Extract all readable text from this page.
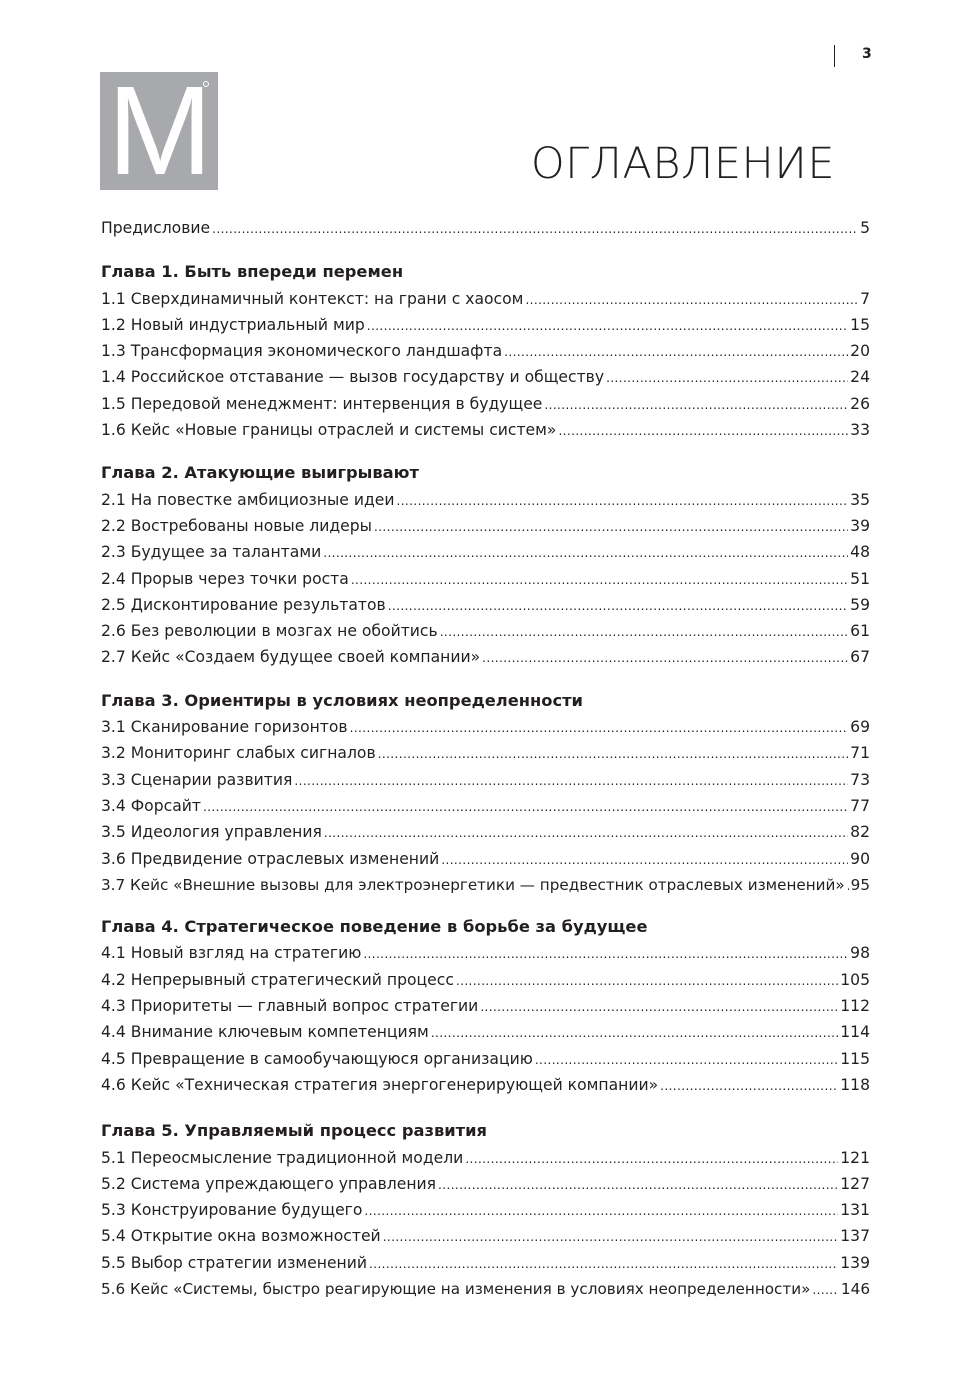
3
M	ОГЛАВЛЕНИЕ
Предисловие .....	5
Глава 1. Быть впереди перемен
1.1 Сверхдинамичный контекст: на грани с хаосом .....	7
1.2 Новый индустриальный мир .....	15
1.3 Трансформация экономического ландшафта .....	20
1.4 Российское отставание — вызов государству и обществу .....	24
1.5 Передовой менеджмент: интервенция в будущее .....	26
1.6 Кейс «Новые границы отраслей и системы систем» .....	33
Глава 2. Атакующие выигрывают
2.1 На повестке амбициозные идеи .....	35
2.2 Востребованы новые лидеры .....	39
2.3 Будущее за талантами .....	48
2.4 Прорыв через точки роста .....	51
2.5 Дисконтирование результатов .....	59
2.6 Без революции в мозгах не обойтись .....	61
2.7 Кейс «Создаем будущее своей компании» .....	67
Глава 3. Ориентиры в условиях неопределенности
3.1 Сканирование горизонтов .....	69
3.2 Мониторинг слабых сигналов .....	71
3.3 Сценарии развития .....	73
3.4 Форсайт .....	77
3.5 Идеология управления .....	82
3.6 Предвидение отраслевых изменений .....	90
3.7 Кейс «Внешние вызовы для электроэнергетики — предвестник отраслевых изменений» ..... 95
Глава 4. Стратегическое поведение в борьбе за будущее
4.1 Новый взгляд на стратегию .....	98
4.2 Непрерывный стратегический процесс .....	105
4.3 Приоритеты — главный вопрос стратегии .....	112
4.4 Внимание ключевым компетенциям .....	114
4.5 Превращение в самообучающуюся организацию .....	115
4.6 Кейс «Техническая стратегия энергогенерирующей компании» .....	118
Глава 5. Управляемый процесс развития
5.1 Переосмысление традиционной модели .....	121
5.2 Система упреждающего управления .....	127
5.3 Конструирование будущего .....	131
5.4 Открытие окна возможностей .....	137
5.5 Выбор стратегии изменений .....	139
5.6 Кейс «Системы, быстро реагирующие на изменения в условиях неопределенности» ..... 146
